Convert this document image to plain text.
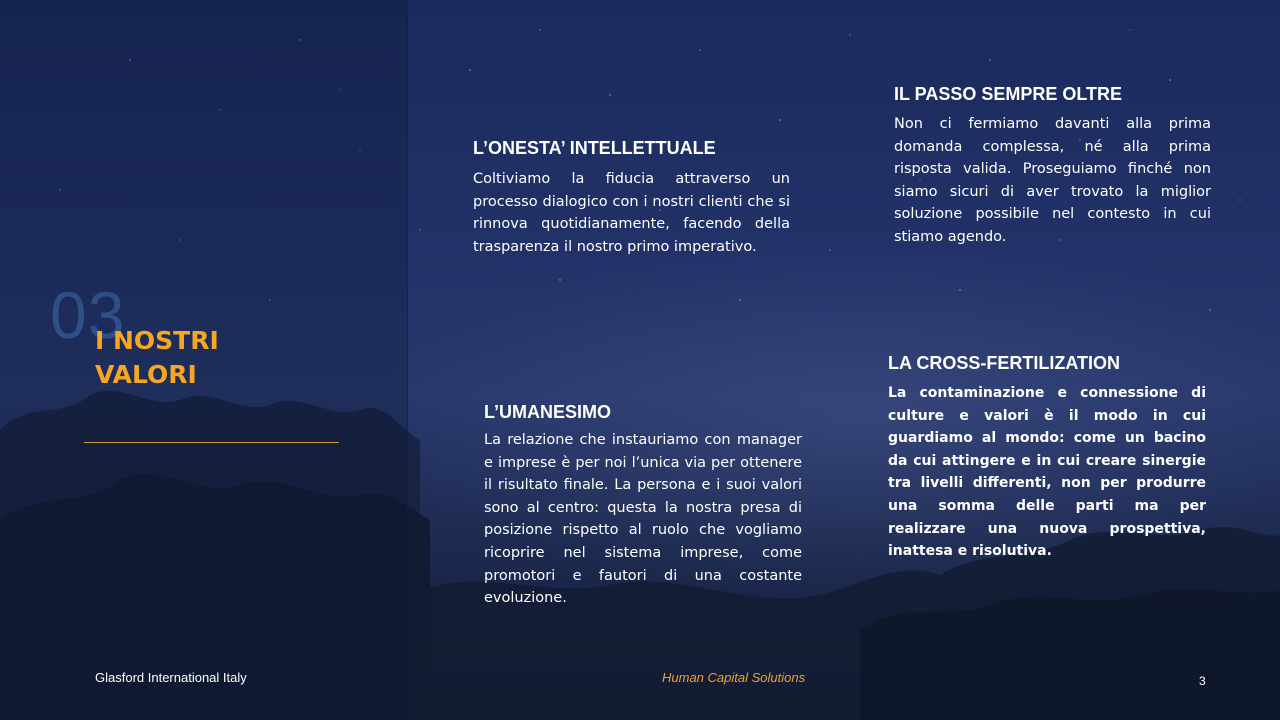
03
I NOSTRI
VALORI
L’ONESTA’ INTELLETTUALE
Coltiviamo la fiducia attraverso un processo dialogico con i nostri clienti che si rinnova quotidianamente, facendo della trasparenza il nostro primo imperativo.
IL PASSO SEMPRE OLTRE
Non ci fermiamo davanti alla prima domanda complessa, né alla prima risposta valida. Proseguiamo finché non siamo sicuri di aver trovato la miglior soluzione possibile nel contesto in cui stiamo agendo.
L’UMANESIMO
La relazione che instauriamo con manager e imprese è per noi l’unica via per ottenere il risultato finale. La persona e i suoi valori sono al centro: questa la nostra presa di posizione rispetto al ruolo che vogliamo ricoprire nel sistema imprese, come promotori e fautori di una costante evoluzione.
LA CROSS-FERTILIZATION
La contaminazione e connessione di culture e valori è il modo in cui guardiamo al mondo: come un bacino da cui attingere e in cui creare sinergie tra livelli differenti, non per produrre una somma delle parti ma per realizzare una nuova prospettiva, inattesa e risolutiva.
Glasford International Italy	Human Capital Solutions	3
